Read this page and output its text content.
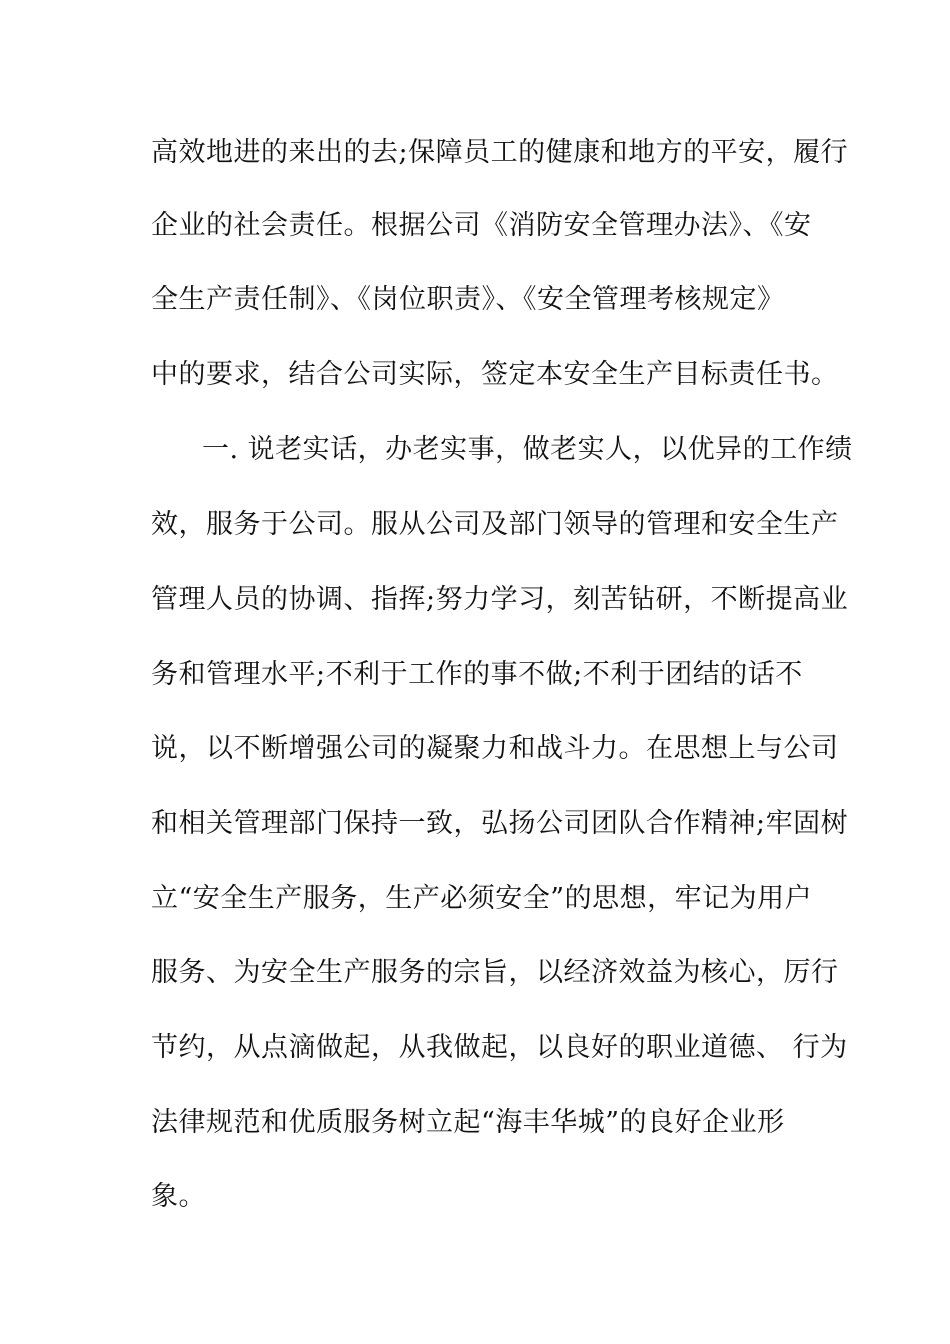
高效地进的来出的去;保障员工的健康和地方的平安，履行
企业的社会责任。根据公司《消防安全管理办法》、《安
全生产责任制》、《岗位职责》、《安全管理考核规定》
中的要求，结合公司实际，签定本安全生产目标责任书。
一. 说老实话，办老实事，做老实人，以优异的工作绩
效，服务于公司。服从公司及部门领导的管理和安全生产
管理人员的协调、指挥;努力学习，刻苦钻研，不断提高业
务和管理水平;不利于工作的事不做;不利于团结的话不
说，以不断增强公司的凝聚力和战斗力。在思想上与公司
和相关管理部门保持一致，弘扬公司团队合作精神;牢固树
立“安全生产服务，生产必须安全”的思想，牢记为用户
服务、为安全生产服务的宗旨，以经济效益为核心，厉行
节约，从点滴做起，从我做起，以良好的职业道德、 行为
法律规范和优质服务树立起“海丰华城”的良好企业形
象。
